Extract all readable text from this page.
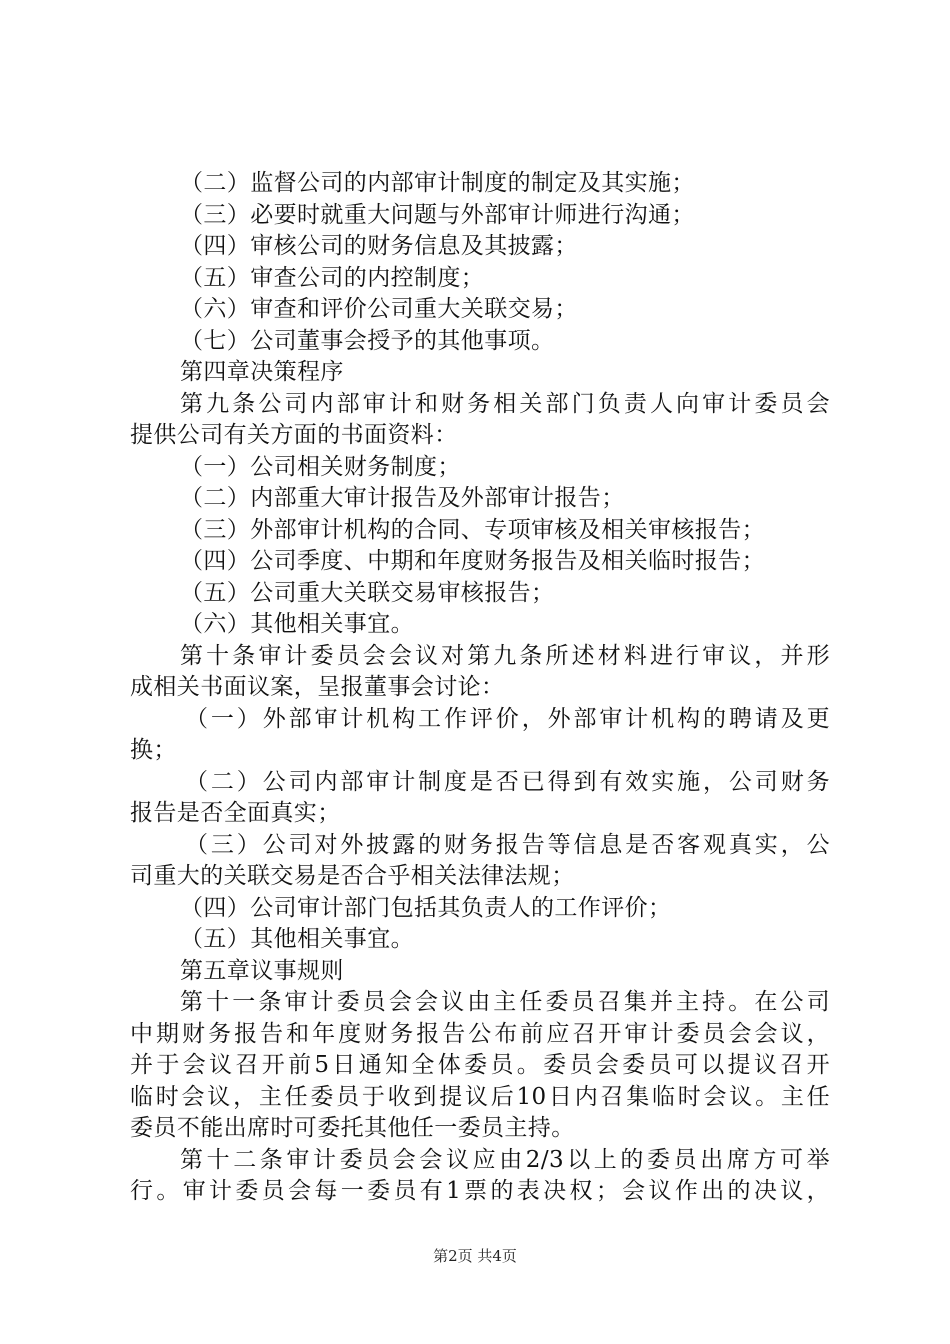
（二）监督公司的内部审计制度的制定及其实施；
（三）必要时就重大问题与外部审计师进行沟通；
（四）审核公司的财务信息及其披露；
（五）审查公司的内控制度；
（六）审查和评价公司重大关联交易；
（七）公司董事会授予的其他事项。
第四章决策程序
第九条公司内部审计和财务相关部门负责人向审计委员会
提供公司有关方面的书面资料：
（一）公司相关财务制度；
（二）内部重大审计报告及外部审计报告；
（三）外部审计机构的合同、专项审核及相关审核报告；
（四）公司季度、中期和年度财务报告及相关临时报告；
（五）公司重大关联交易审核报告；
（六）其他相关事宜。
第十条审计委员会会议对第九条所述材料进行审议，并形
成相关书面议案，呈报董事会讨论：
（一）外部审计机构工作评价，外部审计机构的聘请及更
换；
（二）公司内部审计制度是否已得到有效实施，公司财务
报告是否全面真实；
（三）公司对外披露的财务报告等信息是否客观真实，公
司重大的关联交易是否合乎相关法律法规；
（四）公司审计部门包括其负责人的工作评价；
（五）其他相关事宜。
第五章议事规则
第十一条审计委员会会议由主任委员召集并主持。在公司
中期财务报告和年度财务报告公布前应召开审计委员会会议，
并于会议召开前5日通知全体委员。委员会委员可以提议召开
临时会议，主任委员于收到提议后10日内召集临时会议。主任
委员不能出席时可委托其他任一委员主持。
第十二条审计委员会会议应由2/3以上的委员出席方可举
行。审计委员会每一委员有1票的表决权；会议作出的决议，
第2页 共4页
